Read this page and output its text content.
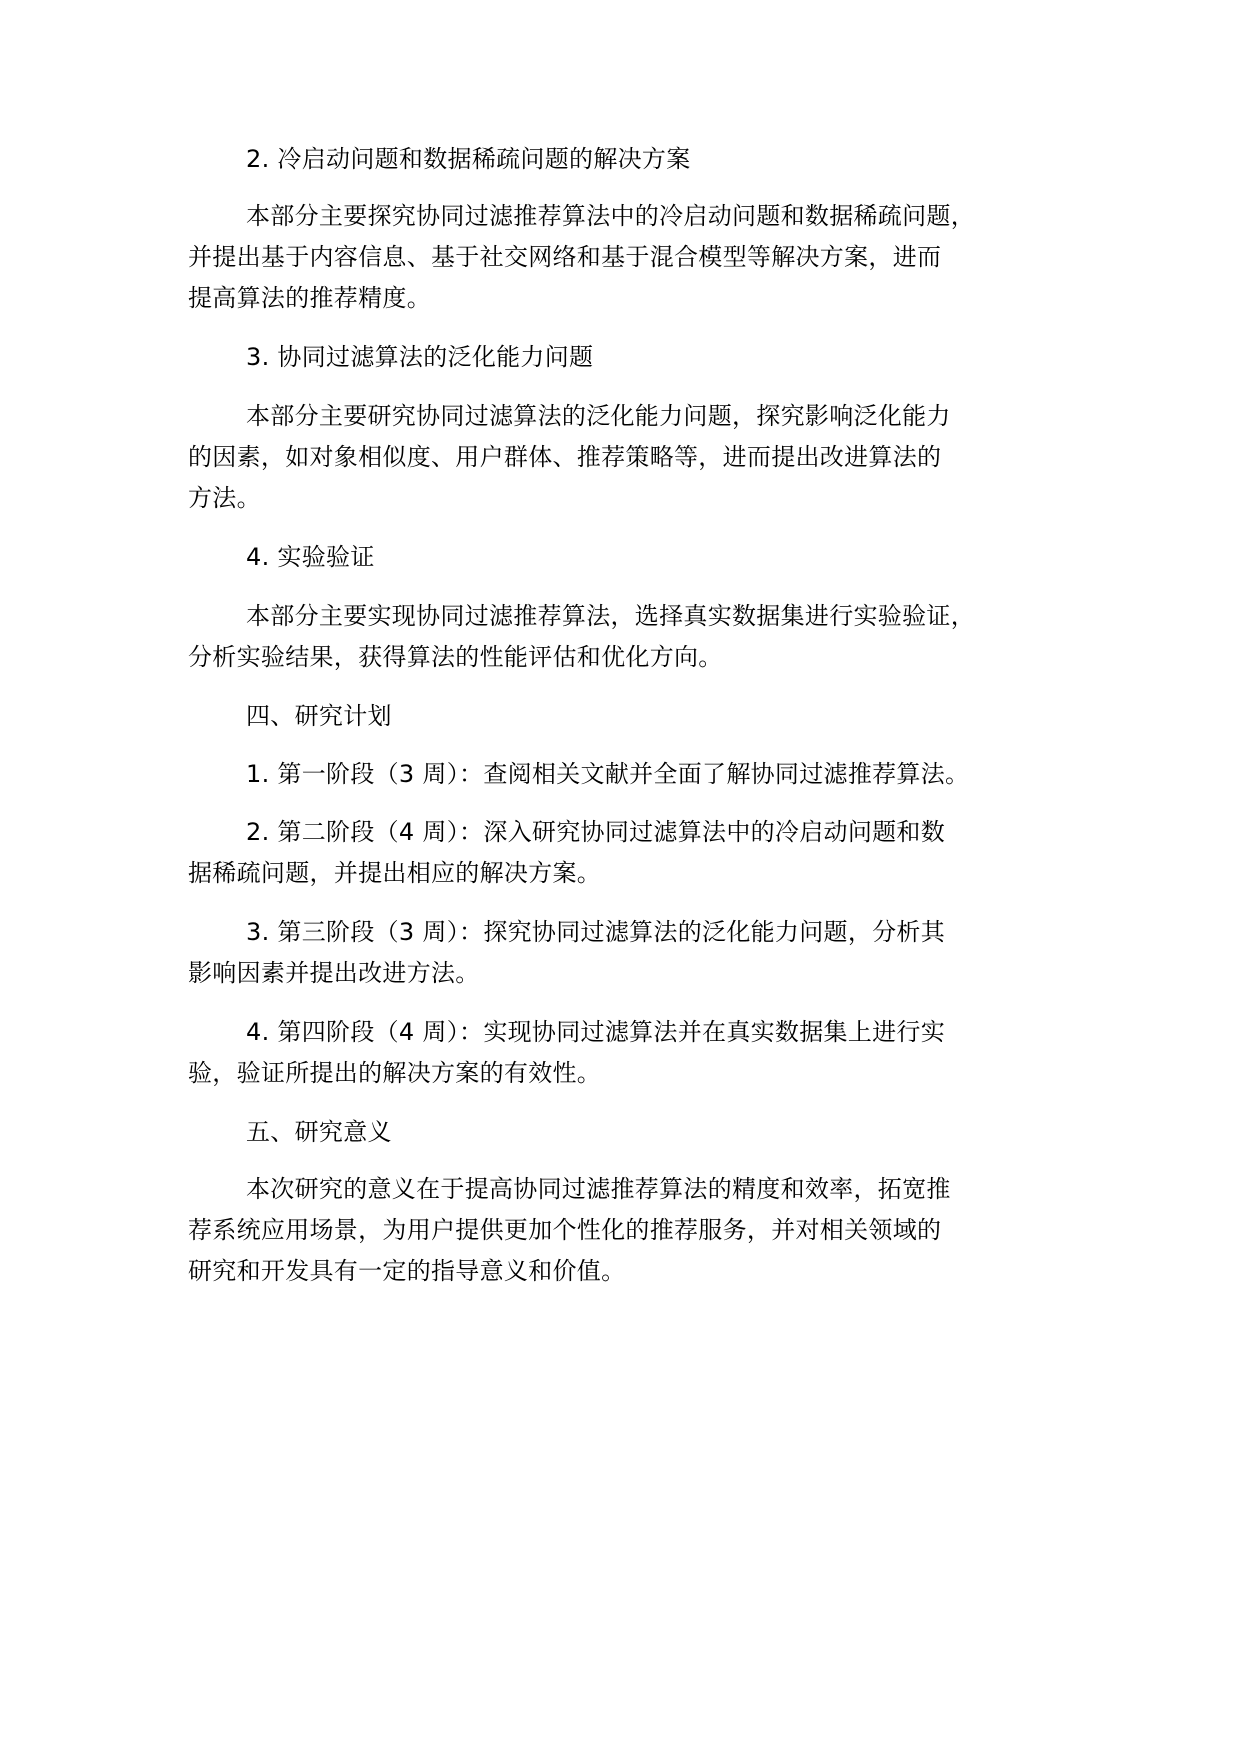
2. 冷启动问题和数据稀疏问题的解决方案
本部分主要探究协同过滤推荐算法中的冷启动问题和数据稀疏问题，
并提出基于内容信息、基于社交网络和基于混合模型等解决方案，进而
提高算法的推荐精度。
3. 协同过滤算法的泛化能力问题
本部分主要研究协同过滤算法的泛化能力问题，探究影响泛化能力
的因素，如对象相似度、用户群体、推荐策略等，进而提出改进算法的
方法。
4. 实验验证
本部分主要实现协同过滤推荐算法，选择真实数据集进行实验验证，
分析实验结果，获得算法的性能评估和优化方向。
四、研究计划
1. 第一阶段（3 周）：查阅相关文献并全面了解协同过滤推荐算法。
2. 第二阶段（4 周）：深入研究协同过滤算法中的冷启动问题和数
据稀疏问题，并提出相应的解决方案。
3. 第三阶段（3 周）：探究协同过滤算法的泛化能力问题，分析其
影响因素并提出改进方法。
4. 第四阶段（4 周）：实现协同过滤算法并在真实数据集上进行实
验，验证所提出的解决方案的有效性。
五、研究意义
本次研究的意义在于提高协同过滤推荐算法的精度和效率，拓宽推
荐系统应用场景，为用户提供更加个性化的推荐服务，并对相关领域的
研究和开发具有一定的指导意义和价值。
